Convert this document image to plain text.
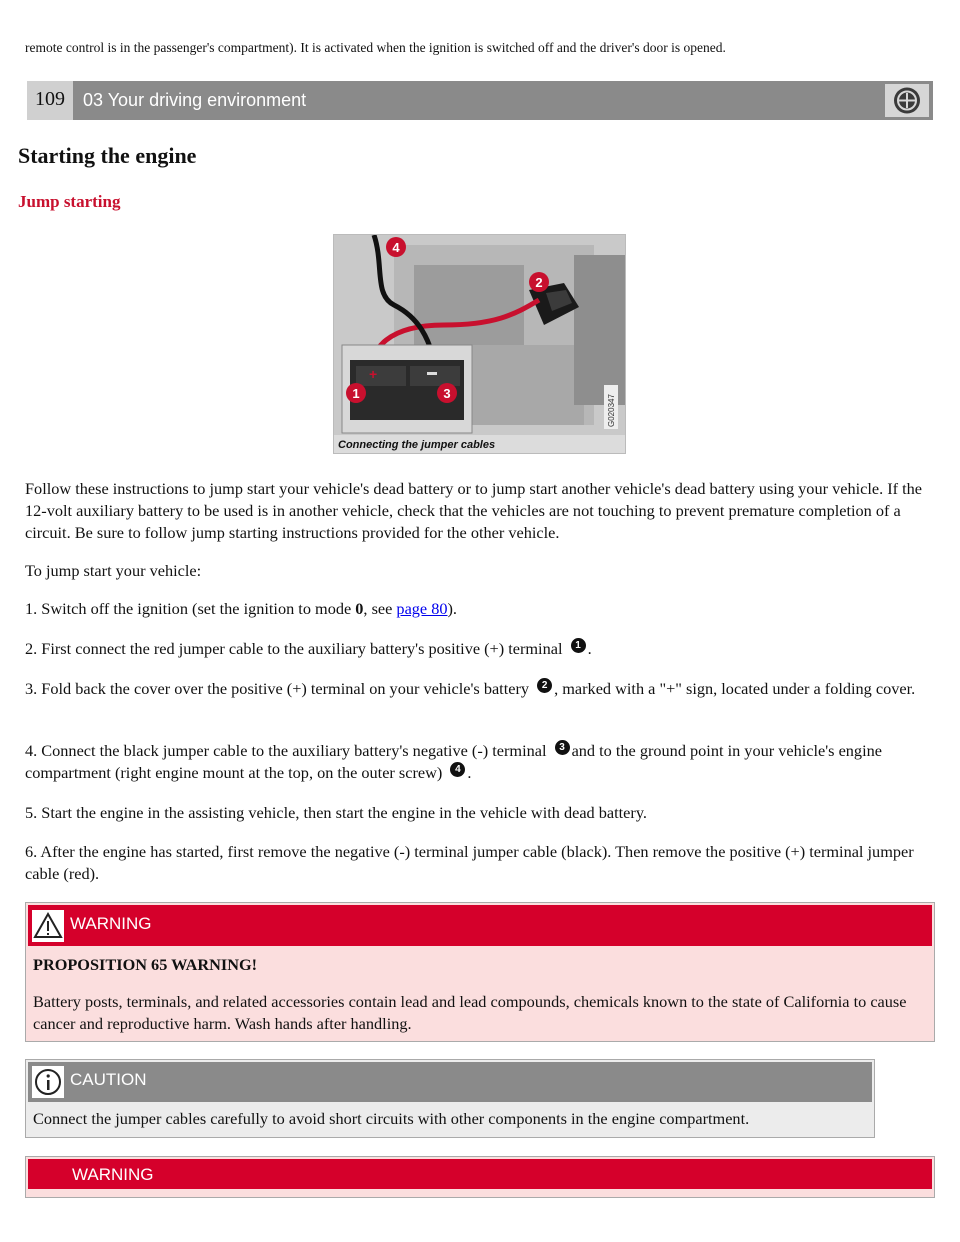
remote control is in the passenger's compartment). It is activated when the ignition is switched off and the driver's door is opened.
109	03 Your driving environment
Starting the engine
Jump starting
+
1
2
3
4
G020347
Connecting the jumper cables

Follow these instructions to jump start your vehicle's dead battery or to jump start another vehicle's dead battery using your vehicle. If the 12-volt auxiliary battery to be used is in another vehicle, check that the vehicles are not touching to prevent premature completion of a circuit. Be sure to follow jump starting instructions provided for the other vehicle.

To jump start your vehicle:

1. Switch off the ignition (set the ignition to mode 0, see page 80).

2. First connect the red jumper cable to the auxiliary battery's positive (+) terminal 1 .

3. Fold back the cover over the positive (+) terminal on your vehicle's battery 2 , marked with a "+" sign, located under a folding cover.

4. Connect the black jumper cable to the auxiliary battery's negative (-) terminal 3 and to the ground point in your vehicle's engine compartment (right engine mount at the top, on the outer screw) 4 .

5. Start the engine in the assisting vehicle, then start the engine in the vehicle with dead battery.

6. After the engine has started, first remove the negative (-) terminal jumper cable (black). Then remove the positive (+) terminal jumper cable (red).

WARNING
PROPOSITION 65 WARNING!
Battery posts, terminals, and related accessories contain lead and lead compounds, chemicals known to the state of California to cause cancer and reproductive harm. Wash hands after handling.
CAUTION
Connect the jumper cables carefully to avoid short circuits with other components in the engine compartment.
WARNING
